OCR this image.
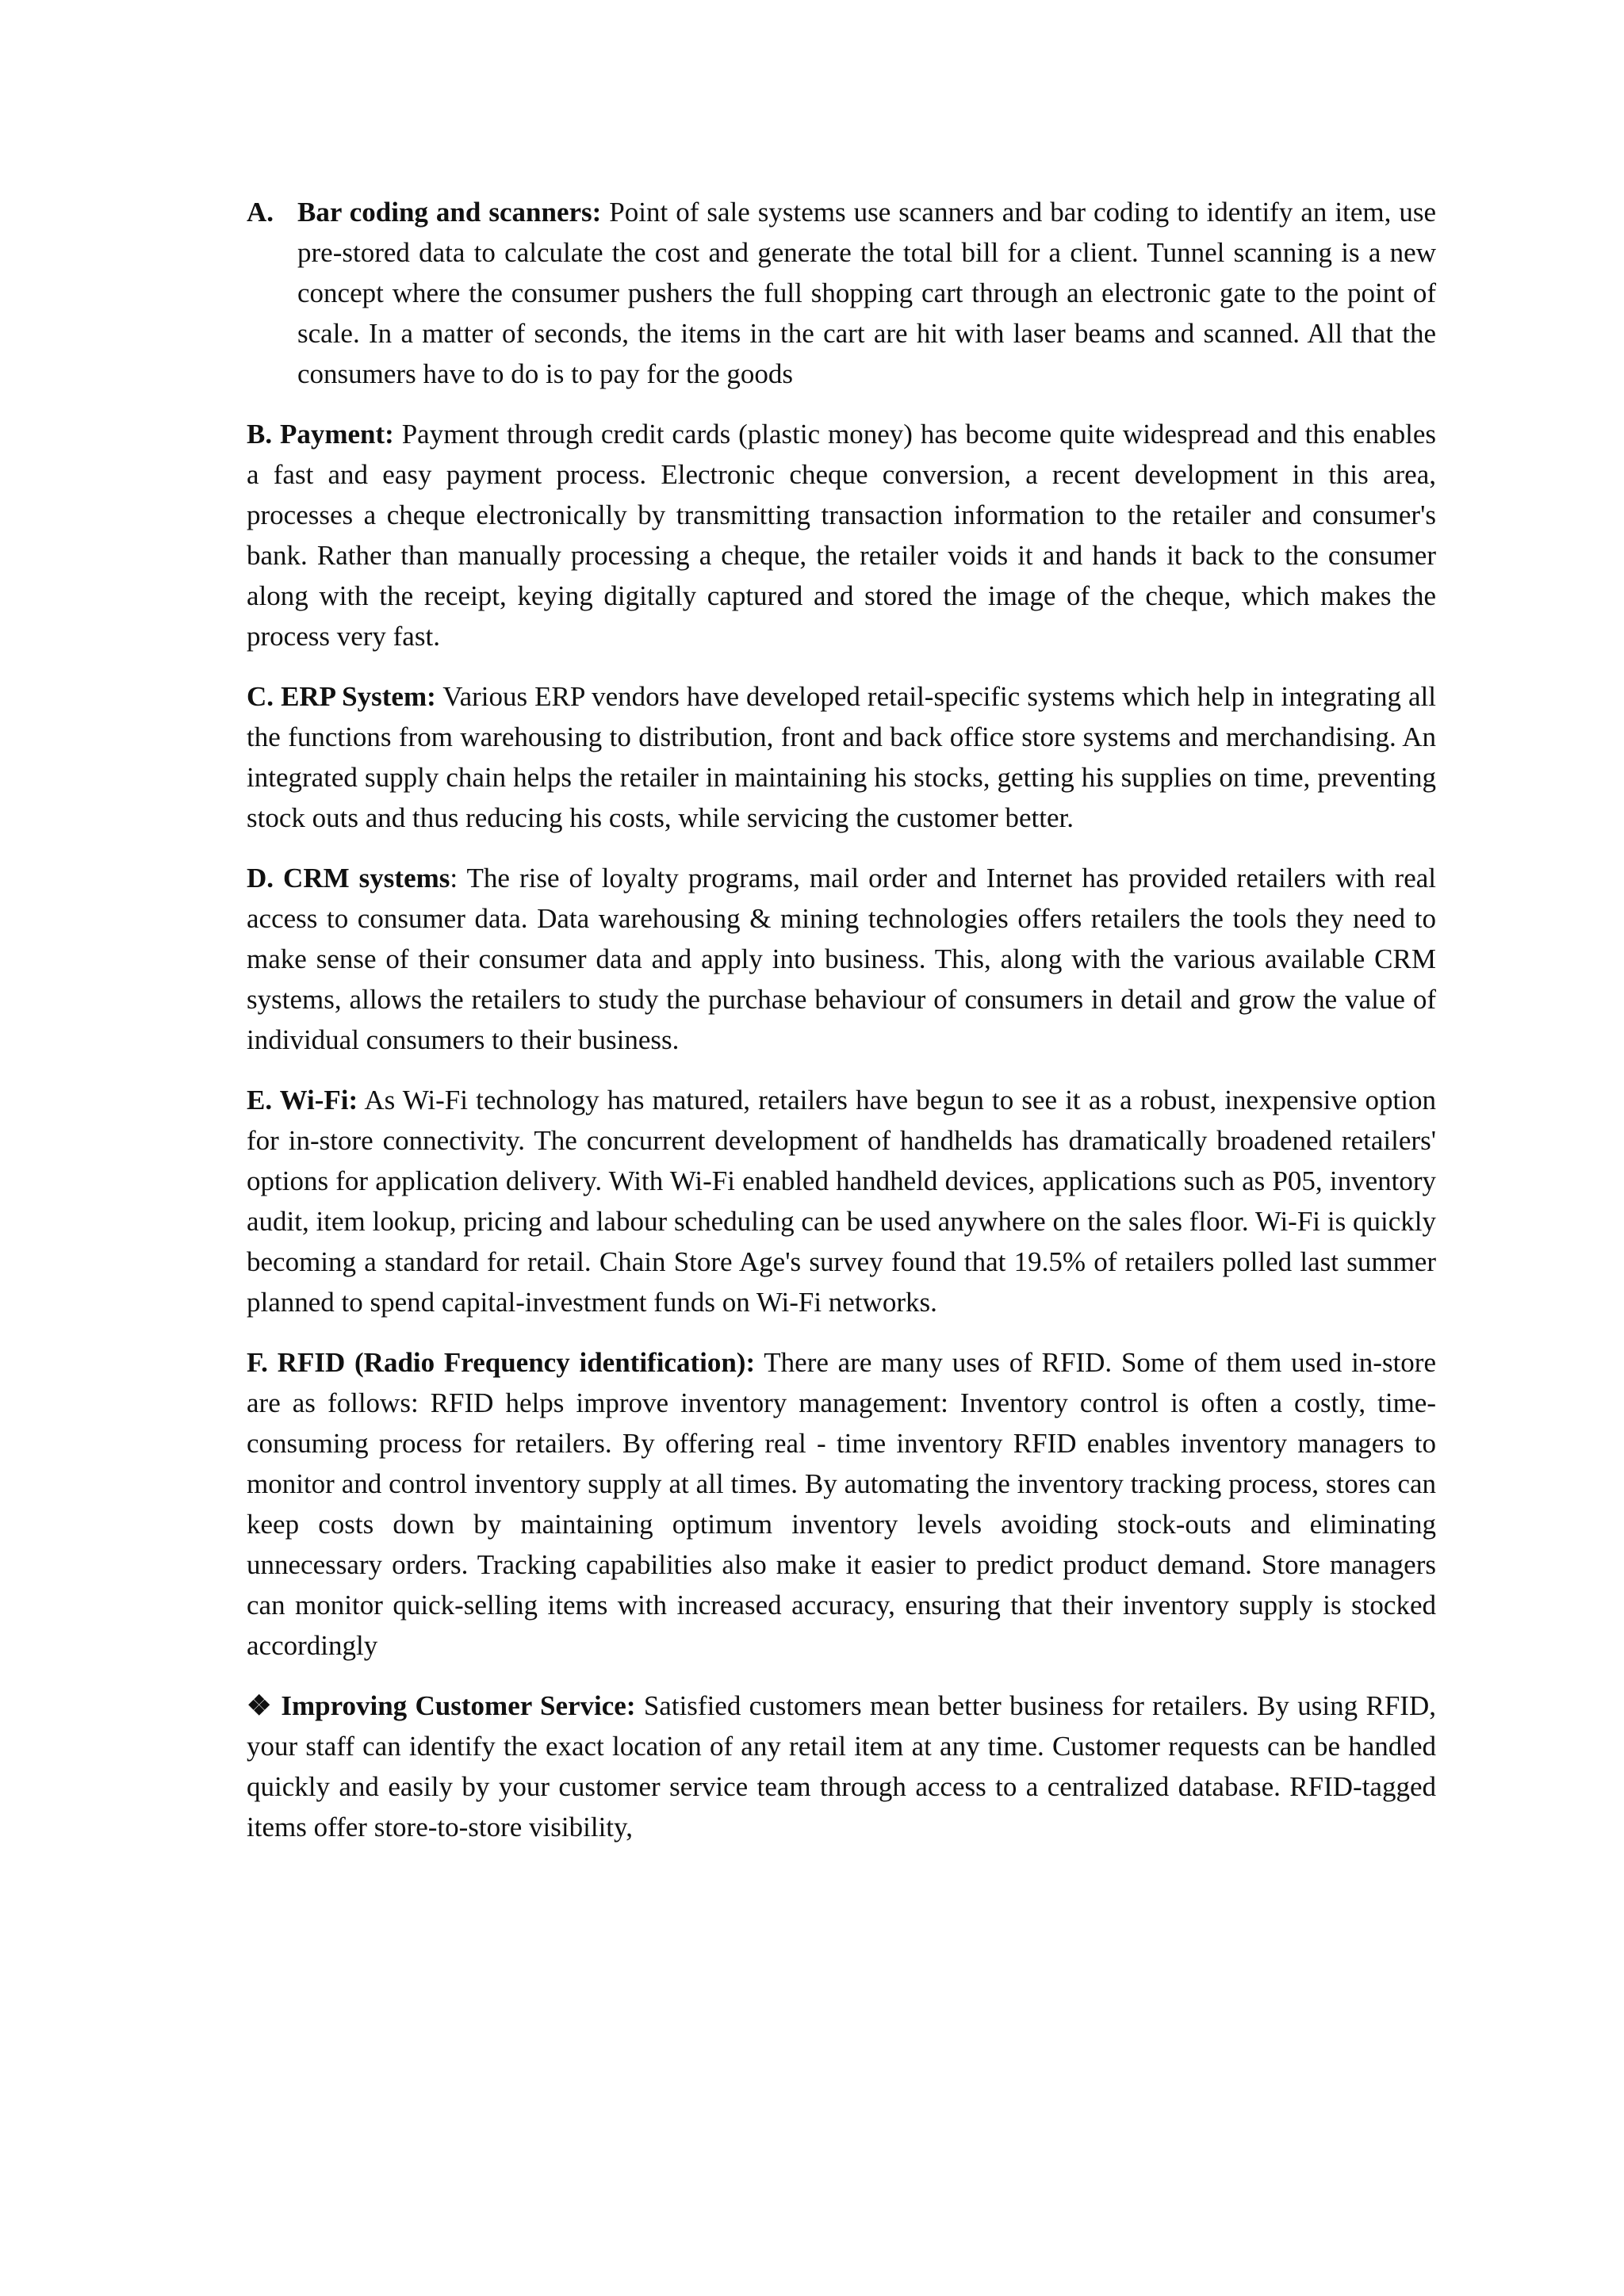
A. Bar coding and scanners: Point of sale systems use scanners and bar coding to identify an item, use pre-stored data to calculate the cost and generate the total bill for a client. Tunnel scanning is a new concept where the consumer pushers the full shopping cart through an electronic gate to the point of scale. In a matter of seconds, the items in the cart are hit with laser beams and scanned. All that the consumers have to do is to pay for the goods

B. Payment: Payment through credit cards (plastic money) has become quite widespread and this enables a fast and easy payment process. Electronic cheque conversion, a recent development in this area, processes a cheque electronically by transmitting transaction information to the retailer and consumer's bank. Rather than manually processing a cheque, the retailer voids it and hands it back to the consumer along with the receipt, keying digitally captured and stored the image of the cheque, which makes the process very fast.

C. ERP System: Various ERP vendors have developed retail-specific systems which help in integrating all the functions from warehousing to distribution, front and back office store systems and merchandising. An integrated supply chain helps the retailer in maintaining his stocks, getting his supplies on time, preventing stock outs and thus reducing his costs, while servicing the customer better.

D. CRM systems: The rise of loyalty programs, mail order and Internet has provided retailers with real access to consumer data. Data warehousing & mining technologies offers retailers the tools they need to make sense of their consumer data and apply into business. This, along with the various available CRM systems, allows the retailers to study the purchase behaviour of consumers in detail and grow the value of individual consumers to their business.

E. Wi-Fi: As Wi-Fi technology has matured, retailers have begun to see it as a robust, inexpensive option for in-store connectivity. The concurrent development of handhelds has dramatically broadened retailers' options for application delivery. With Wi-Fi enabled handheld devices, applications such as P05, inventory audit, item lookup, pricing and labour scheduling can be used anywhere on the sales floor. Wi-Fi is quickly becoming a standard for retail. Chain Store Age's survey found that 19.5% of retailers polled last summer planned to spend capital-investment funds on Wi-Fi networks.

F. RFID (Radio Frequency identification): There are many uses of RFID. Some of them used in-store are as follows: RFID helps improve inventory management: Inventory control is often a costly, time-consuming process for retailers. By offering real - time inventory RFID enables inventory managers to monitor and control inventory supply at all times. By automating the inventory tracking process, stores can keep costs down by maintaining optimum inventory levels avoiding stock-outs and eliminating unnecessary orders. Tracking capabilities also make it easier to predict product demand. Store managers can monitor quick-selling items with increased accuracy, ensuring that their inventory supply is stocked accordingly

❖ Improving Customer Service: Satisfied customers mean better business for retailers. By using RFID, your staff can identify the exact location of any retail item at any time. Customer requests can be handled quickly and easily by your customer service team through access to a centralized database. RFID-tagged items offer store-to-store visibility,
